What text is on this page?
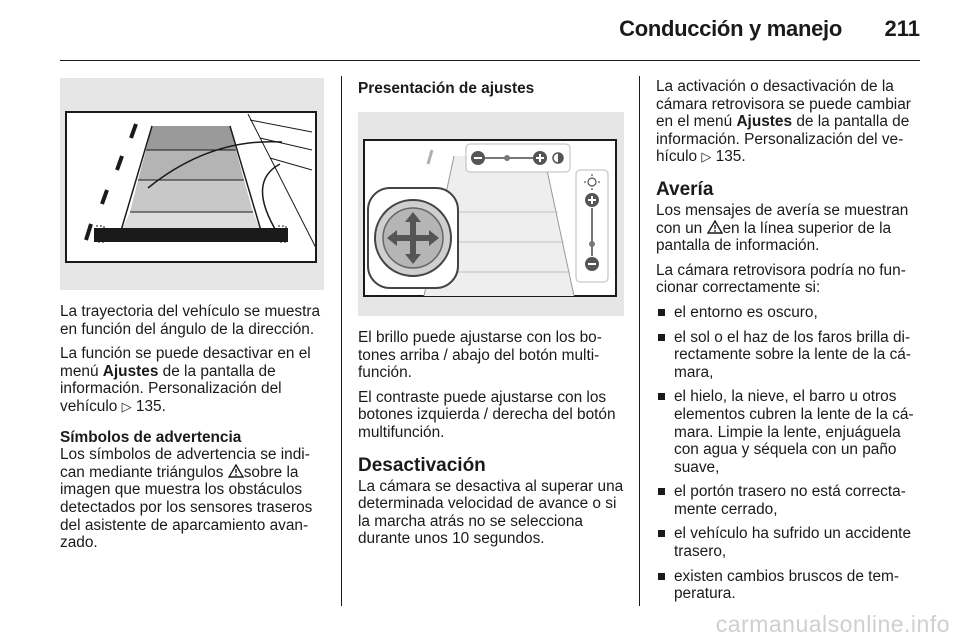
Conducción y manejo 211

La trayectoria del vehículo se muestra en función del ángulo de la dirección.

La función se puede desactivar en el menú Ajustes de la pantalla de información. Personalización del vehículo ▷ 135.

Símbolos de advertencia

Los símbolos de advertencia se indican mediante triángulos sobre la imagen que muestra los obstáculos detectados por los sensores traseros del asistente de aparcamiento avanzado.

Presentación de ajustes

El brillo puede ajustarse con los botones arriba / abajo del botón multifunción.

El contraste puede ajustarse con los botones izquierda / derecha del botón multifunción.

Desactivación

La cámara se desactiva al superar una determinada velocidad de avance o si la marcha atrás no se selecciona durante unos 10 segundos.

La activación o desactivación de la cámara retrovisora se puede cambiar en el menú Ajustes de la pantalla de información. Personalización del vehículo ▷ 135.

Avería

Los mensajes de avería se muestran con un en la línea superior de la pantalla de información.

La cámara retrovisora podría no funcionar correctamente si:

el entorno es oscuro,
el sol o el haz de los faros brilla directamente sobre la lente de la cámara,
el hielo, la nieve, el barro u otros elementos cubren la lente de la cámara. Limpie la lente, enjuáguela con agua y séquela con un paño suave,
el portón trasero no está correctamente cerrado,
el vehículo ha sufrido un accidente trasero,
existen cambios bruscos de temperatura.
carmanualsonline.info
